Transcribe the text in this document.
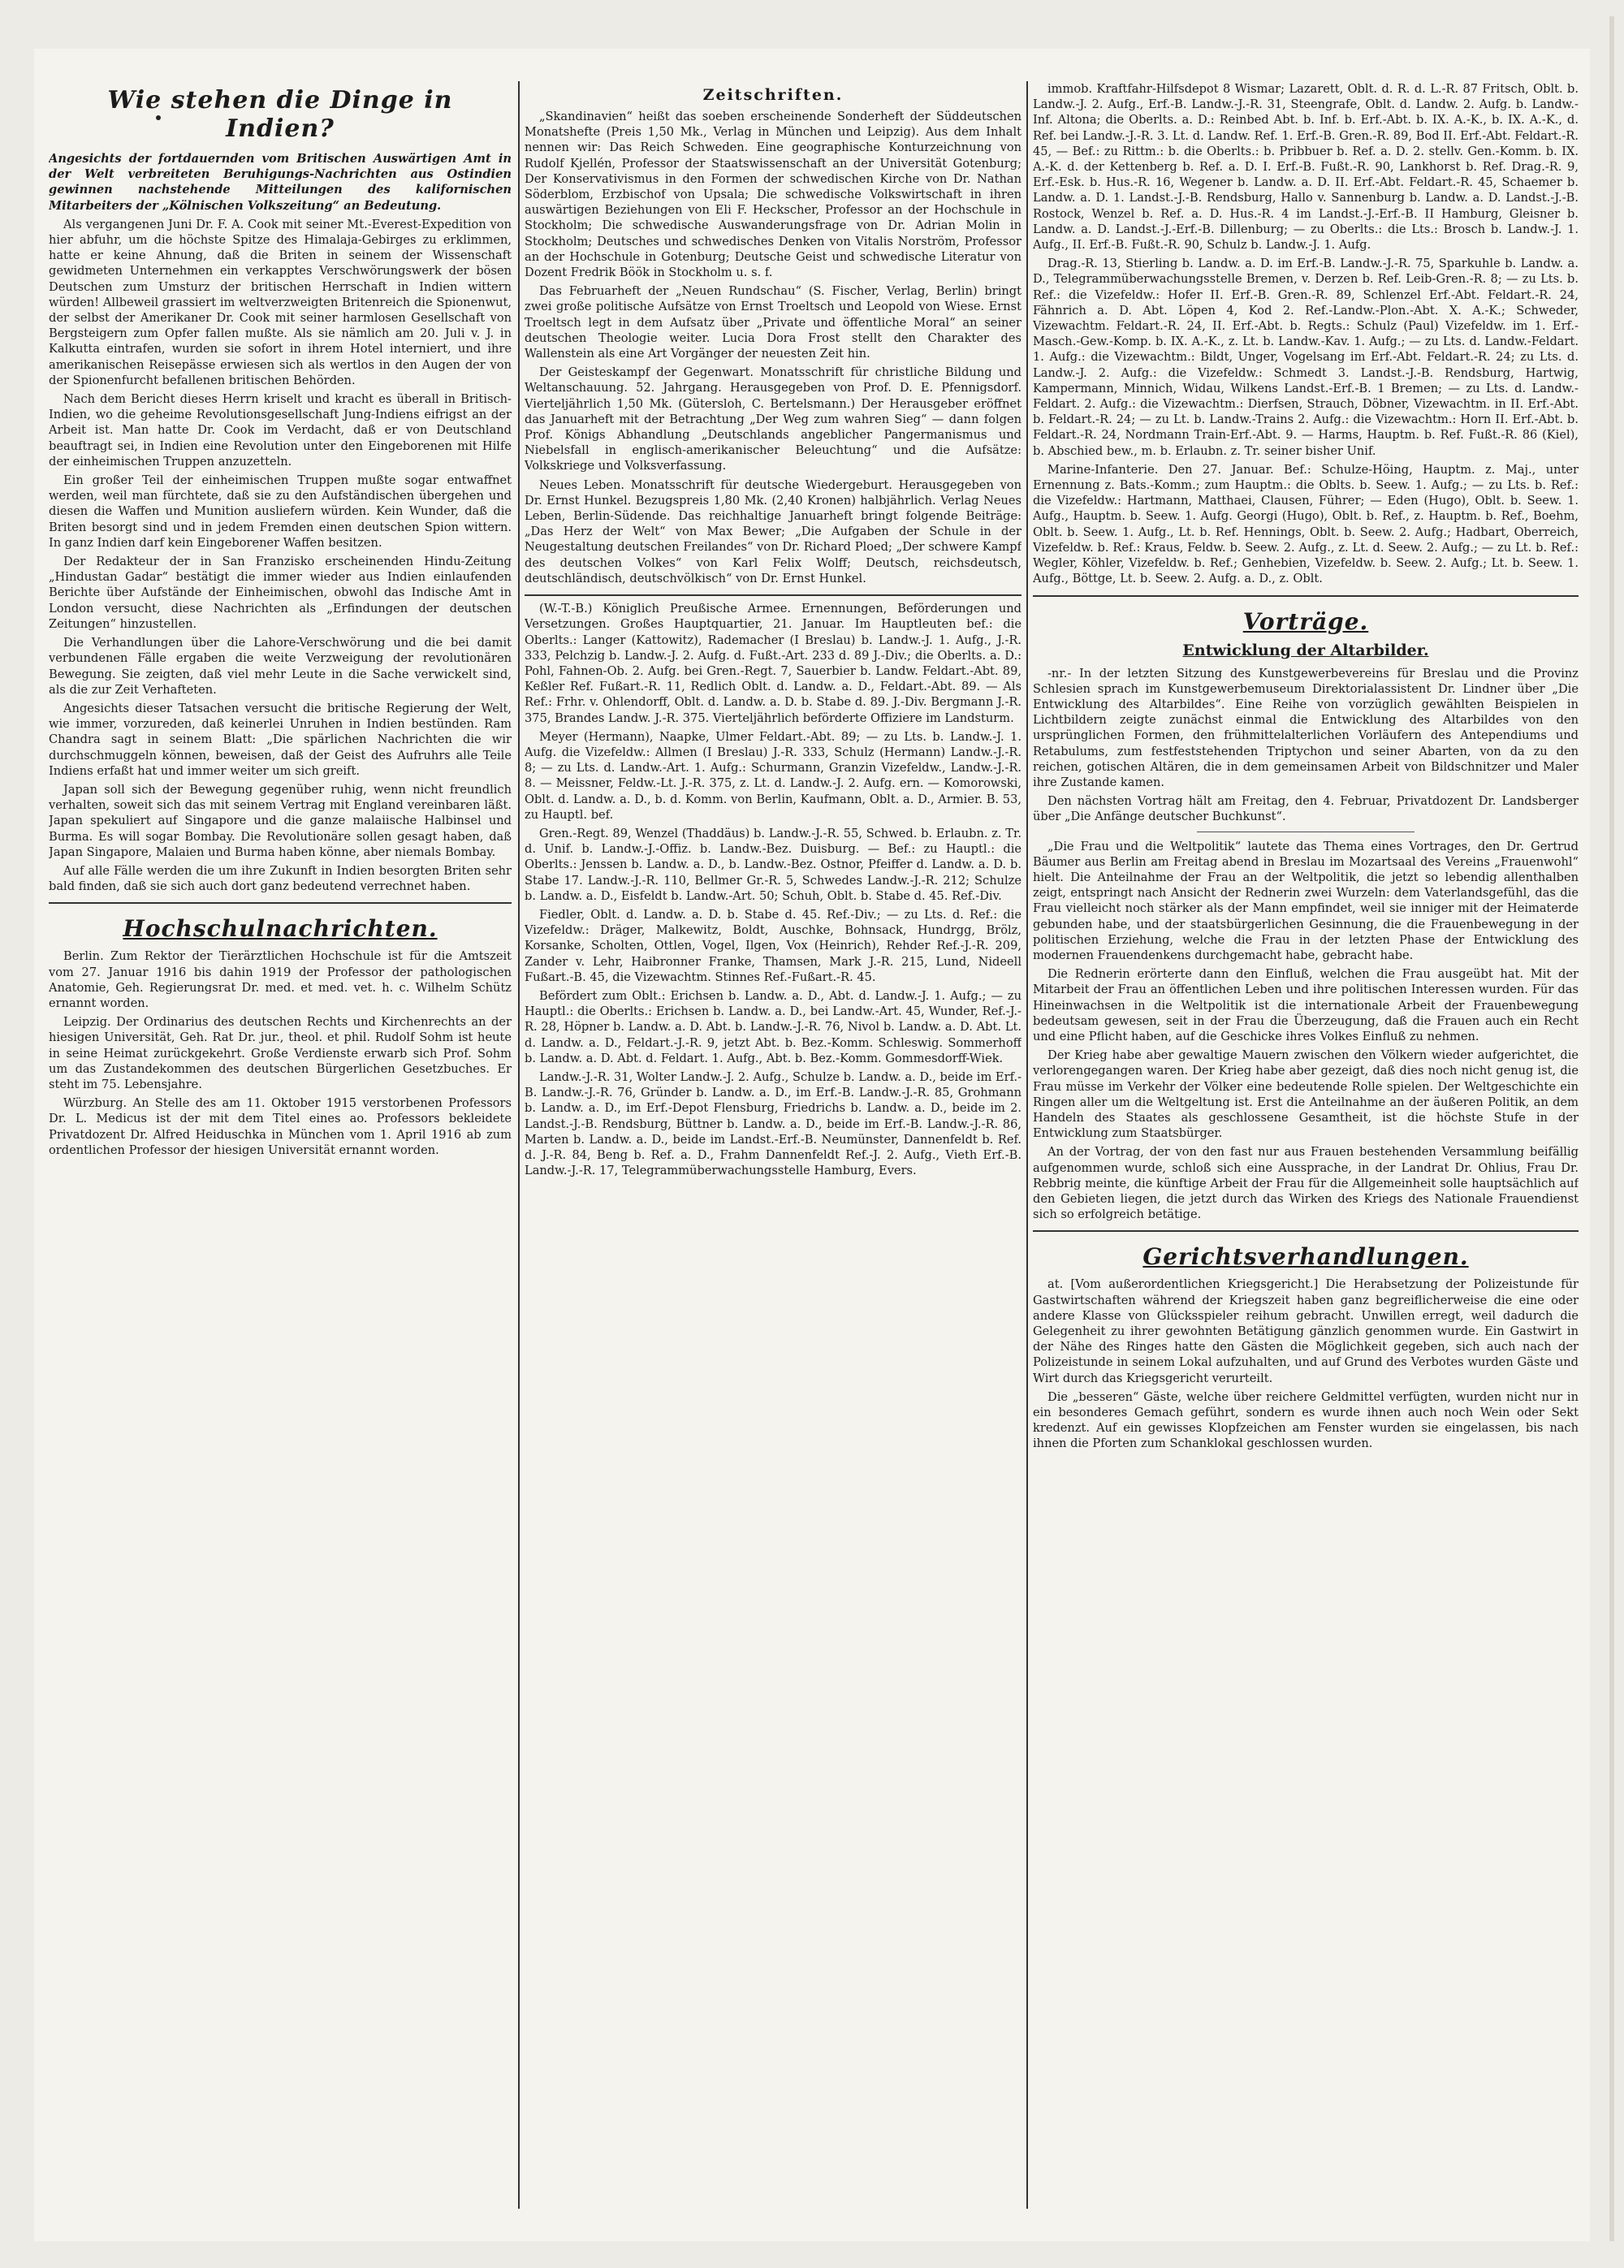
Wie stehen die Dinge in Indien?

Angesichts der fortdauernden vom Britischen Auswärtigen Amt in der Welt verbreiteten Beruhigungs-Nachrichten aus Ostindien gewinnen nachstehende Mitteilungen des kalifornischen Mitarbeiters der „Kölnischen Volkszeitung“ an Bedeutung.

Als vergangenen Juni Dr. F. A. Cook mit seiner Mt.-Everest-Expedition von hier abfuhr, um die höchste Spitze des Himalaja-Gebirges zu erklimmen, hatte er keine Ahnung, daß die Briten in seinem der Wissenschaft gewidmeten Unternehmen ein verkapptes Verschwörungswerk der bösen Deutschen zum Umsturz der britischen Herrschaft in Indien wittern würden! Allbeweil grassiert im weltverzweigten Britenreich die Spionenwut, der selbst der Amerikaner Dr. Cook mit seiner harmlosen Gesellschaft von Bergsteigern zum Opfer fallen mußte. Als sie nämlich am 20. Juli v. J. in Kalkutta eintrafen, wurden sie sofort in ihrem Hotel interniert, und ihre amerikanischen Reisepässe erwiesen sich als wertlos in den Augen der von der Spionenfurcht befallenen britischen Behörden.

Nach dem Bericht dieses Herrn kriselt und kracht es überall in Britisch-Indien, wo die geheime Revolutionsgesellschaft Jung-Indiens eifrigst an der Arbeit ist. Man hatte Dr. Cook im Verdacht, daß er von Deutschland beauftragt sei, in Indien eine Revolution unter den Eingeborenen mit Hilfe der einheimischen Truppen anzuzetteln.

Ein großer Teil der einheimischen Truppen mußte sogar entwaffnet werden, weil man fürchtete, daß sie zu den Aufständischen übergehen und diesen die Waffen und Munition ausliefern würden. Kein Wunder, daß die Briten besorgt sind und in jedem Fremden einen deutschen Spion wittern. In ganz Indien darf kein Eingeborener Waffen besitzen.

Der Redakteur der in San Franzisko erscheinenden Hindu-Zeitung „Hindustan Gadar“ bestätigt die immer wieder aus Indien einlaufenden Berichte über Aufstände der Einheimischen, obwohl das Indische Amt in London versucht, diese Nachrichten als „Erfindungen der deutschen Zeitungen“ hinzustellen.

Die Verhandlungen über die Lahore-Verschwörung und die bei damit verbundenen Fälle ergaben die weite Verzweigung der revolutionären Bewegung. Sie zeigten, daß viel mehr Leute in die Sache verwickelt sind, als die zur Zeit Verhafteten.

Angesichts dieser Tatsachen versucht die britische Regierung der Welt, wie immer, vorzureden, daß keinerlei Unruhen in Indien bestünden. Ram Chandra sagt in seinem Blatt: „Die spärlichen Nachrichten die wir durchschmuggeln können, beweisen, daß der Geist des Aufruhrs alle Teile Indiens erfaßt hat und immer weiter um sich greift.

Japan soll sich der Bewegung gegenüber ruhig, wenn nicht freundlich verhalten, soweit sich das mit seinem Vertrag mit England vereinbaren läßt. Japan spekuliert auf Singapore und die ganze malaiische Halbinsel und Burma. Es will sogar Bombay. Die Revolutionäre sollen gesagt haben, daß Japan Singapore, Malaien und Burma haben könne, aber niemals Bombay.

Auf alle Fälle werden die um ihre Zukunft in Indien besorgten Briten sehr bald finden, daß sie sich auch dort ganz bedeutend verrechnet haben.

Hochschulnachrichten.

Berlin. Zum Rektor der Tierärztlichen Hochschule ist für die Amtszeit vom 27. Januar 1916 bis dahin 1919 der Professor der pathologischen Anatomie, Geh. Regierungsrat Dr. med. et med. vet. h. c. Wilhelm Schütz ernannt worden.

Leipzig. Der Ordinarius des deutschen Rechts und Kirchenrechts an der hiesigen Universität, Geh. Rat Dr. jur., theol. et phil. Rudolf Sohm ist heute in seine Heimat zurückgekehrt. Große Verdienste erwarb sich Prof. Sohm um das Zustandekommen des deutschen Bürgerlichen Gesetzbuches. Er steht im 75. Lebensjahre.

Würzburg. An Stelle des am 11. Oktober 1915 verstorbenen Professors Dr. L. Medicus ist der mit dem Titel eines ao. Professors bekleidete Privatdozent Dr. Alfred Heiduschka in München vom 1. April 1916 ab zum ordentlichen Professor der hiesigen Universität ernannt worden.

Zeitschriften.

„Skandinavien“ heißt das soeben erscheinende Sonderheft der Süddeutschen Monatshefte (Preis 1,50 Mk., Verlag in München und Leipzig). Aus dem Inhalt nennen wir: Das Reich Schweden. Eine geographische Konturzeichnung von Rudolf Kjellén, Professor der Staatswissenschaft an der Universität Gotenburg; Der Konservativismus in den Formen der schwedischen Kirche von Dr. Nathan Söderblom, Erzbischof von Upsala; Die schwedische Volkswirtschaft in ihren auswärtigen Beziehungen von Eli F. Heckscher, Professor an der Hochschule in Stockholm; Die schwedische Auswanderungsfrage von Dr. Adrian Molin in Stockholm; Deutsches und schwedisches Denken von Vitalis Norström, Professor an der Hochschule in Gotenburg; Deutsche Geist und schwedische Literatur von Dozent Fredrik Böök in Stockholm u. s. f.

Das Februarheft der „Neuen Rundschau“ (S. Fischer, Verlag, Berlin) bringt zwei große politische Aufsätze von Ernst Troeltsch und Leopold von Wiese. Ernst Troeltsch legt in dem Aufsatz über „Private und öffentliche Moral“ an seiner deutschen Theologie weiter. Lucia Dora Frost stellt den Charakter des Wallenstein als eine Art Vorgänger der neuesten Zeit hin.

Der Geisteskampf der Gegenwart. Monatsschrift für christliche Bildung und Weltanschauung. 52. Jahrgang. Herausgegeben von Prof. D. E. Pfennigsdorf. Vierteljährlich 1,50 Mk. (Gütersloh, C. Bertelsmann.) Der Herausgeber eröffnet das Januarheft mit der Betrachtung „Der Weg zum wahren Sieg“ — dann folgen Prof. Königs Abhandlung „Deutschlands angeblicher Pangermanismus und Niebelsfall in englisch-amerikanischer Beleuchtung“ und die Aufsätze: Volkskriege und Volksverfassung.

Neues Leben. Monatsschrift für deutsche Wiedergeburt. Herausgegeben von Dr. Ernst Hunkel. Bezugspreis 1,80 Mk. (2,40 Kronen) halbjährlich. Verlag Neues Leben, Berlin-Südende. Das reichhaltige Januarheft bringt folgende Beiträge: „Das Herz der Welt“ von Max Bewer; „Die Aufgaben der Schule in der Neugestaltung deutschen Freilandes“ von Dr. Richard Ploed; „Der schwere Kampf des deutschen Volkes“ von Karl Felix Wolff; Deutsch, reichsdeutsch, deutschländisch, deutschvölkisch“ von Dr. Ernst Hunkel.

(W.-T.-B.) Königlich Preußische Armee. Ernennungen, Beförderungen und Versetzungen. Großes Hauptquartier, 21. Januar. Im Hauptleuten bef.: die Oberlts.: Langer (Kattowitz), Rademacher (I Breslau) b. Landw.-J. 1. Aufg., J.-R. 333, Pelchzig b. Landw.-J. 2. Aufg. d. Fußt.-Art. 233 d. 89 J.-Div.; die Oberlts. a. D.: Pohl, Fahnen-Ob. 2. Aufg. bei Gren.-Regt. 7, Sauerbier b. Landw. Feldart.-Abt. 89, Keßler Ref. Fußart.-R. 11, Redlich Oblt. d. Landw. a. D., Feldart.-Abt. 89. — Als Ref.: Frhr. v. Ohlendorff, Oblt. d. Landw. a. D. b. Stabe d. 89. J.-Div. Bergmann J.-R. 375, Brandes Landw. J.-R. 375. Vierteljährlich beförderte Offiziere im Landsturm.

Meyer (Hermann), Naapke, Ulmer Feldart.-Abt. 89; — zu Lts. b. Landw.-J. 1. Aufg. die Vizefeldw.: Allmen (I Breslau) J.-R. 333, Schulz (Hermann) Landw.-J.-R. 8; — zu Lts. d. Landw.-Art. 1. Aufg.: Schurmann, Granzin Vizefeldw., Landw.-J.-R. 8. — Meissner, Feldw.-Lt. J.-R. 375, z. Lt. d. Landw.-J. 2. Aufg. ern. — Komorowski, Oblt. d. Landw. a. D., b. d. Komm. von Berlin, Kaufmann, Oblt. a. D., Armier. B. 53, zu Hauptl. bef.

Gren.-Regt. 89, Wenzel (Thaddäus) b. Landw.-J.-R. 55, Schwed. b. Erlaubn. z. Tr. d. Unif. b. Landw.-J.-Offiz. b. Landw.-Bez. Duisburg. — Bef.: zu Hauptl.: die Oberlts.: Jenssen b. Landw. a. D., b. Landw.-Bez. Ostnor, Pfeiffer d. Landw. a. D. b. Stabe 17. Landw.-J.-R. 110, Bellmer Gr.-R. 5, Schwedes Landw.-J.-R. 212; Schulze b. Landw. a. D., Eisfeldt b. Landw.-Art. 50; Schuh, Oblt. b. Stabe d. 45. Ref.-Div.

Fiedler, Oblt. d. Landw. a. D. b. Stabe d. 45. Ref.-Div.; — zu Lts. d. Ref.: die Vizefeldw.: Dräger, Malkewitz, Boldt, Auschke, Bohnsack, Hundrgg, Brölz, Korsanke, Scholten, Ottlen, Vogel, Ilgen, Vox (Heinrich), Rehder Ref.-J.-R. 209, Zander v. Lehr, Haibronner Franke, Thamsen, Mark J.-R. 215, Lund, Nideell Fußart.-B. 45, die Vizewachtm. Stinnes Ref.-Fußart.-R. 45.

Befördert zum Oblt.: Erichsen b. Landw. a. D., Abt. d. Landw.-J. 1. Aufg.; — zu Hauptl.: die Oberlts.: Erichsen b. Landw. a. D., bei Landw.-Art. 45, Wunder, Ref.-J.-R. 28, Höpner b. Landw. a. D. Abt. b. Landw.-J.-R. 76, Nivol b. Landw. a. D. Abt. Lt. d. Landw. a. D., Feldart.-J.-R. 9, jetzt Abt. b. Bez.-Komm. Schleswig. Sommerhoff b. Landw. a. D. Abt. d. Feldart. 1. Aufg., Abt. b. Bez.-Komm. Gommesdorff-Wiek.

Landw.-J.-R. 31, Wolter Landw.-J. 2. Aufg., Schulze b. Landw. a. D., beide im Erf.-B. Landw.-J.-R. 76, Gründer b. Landw. a. D., im Erf.-B. Landw.-J.-R. 85, Grohmann b. Landw. a. D., im Erf.-Depot Flensburg, Friedrichs b. Landw. a. D., beide im 2. Landst.-J.-B. Rendsburg, Büttner b. Landw. a. D., beide im Erf.-B. Landw.-J.-R. 86, Marten b. Landw. a. D., beide im Landst.-Erf.-B. Neumünster, Dannenfeldt b. Ref. d. J.-R. 84, Beng b. Ref. a. D., Frahm Dannenfeldt Ref.-J. 2. Aufg., Vieth Erf.-B. Landw.-J.-R. 17, Telegrammüberwachungsstelle Hamburg, Evers.

immob. Kraftfahr-Hilfsdepot 8 Wismar; Lazarett, Oblt. d. R. d. L.-R. 87 Fritsch, Oblt. b. Landw.-J. 2. Aufg., Erf.-B. Landw.-J.-R. 31, Steengrafe, Oblt. d. Landw. 2. Aufg. b. Landw.-Inf. Altona; die Oberlts. a. D.: Reinbed Abt. b. Inf. b. Erf.-Abt. b. IX. A.-K., b. IX. A.-K., d. Ref. bei Landw.-J.-R. 3. Lt. d. Landw. Ref. 1. Erf.-B. Gren.-R. 89, Bod II. Erf.-Abt. Feldart.-R. 45, — Bef.: zu Rittm.: b. die Oberlts.: b. Pribbuer b. Ref. a. D. 2. stellv. Gen.-Komm. b. IX. A.-K. d. der Kettenberg b. Ref. a. D. I. Erf.-B. Fußt.-R. 90, Lankhorst b. Ref. Drag.-R. 9, Erf.-Esk. b. Hus.-R. 16, Wegener b. Landw. a. D. II. Erf.-Abt. Feldart.-R. 45, Schaemer b. Landw. a. D. 1. Landst.-J.-B. Rendsburg, Hallo v. Sannenburg b. Landw. a. D. Landst.-J.-B. Rostock, Wenzel b. Ref. a. D. Hus.-R. 4 im Landst.-J.-Erf.-B. II Hamburg, Gleisner b. Landw. a. D. Landst.-J.-Erf.-B. Dillenburg; — zu Oberlts.: die Lts.: Brosch b. Landw.-J. 1. Aufg., II. Erf.-B. Fußt.-R. 90, Schulz b. Landw.-J. 1. Aufg.

Drag.-R. 13, Stierling b. Landw. a. D. im Erf.-B. Landw.-J.-R. 75, Sparkuhle b. Landw. a. D., Telegrammüberwachungsstelle Bremen, v. Derzen b. Ref. Leib-Gren.-R. 8; — zu Lts. b. Ref.: die Vizefeldw.: Hofer II. Erf.-B. Gren.-R. 89, Schlenzel Erf.-Abt. Feldart.-R. 24, Fähnrich a. D. Abt. Löpen 4, Kod 2. Ref.-Landw.-Plon.-Abt. X. A.-K.; Schweder, Vizewachtm. Feldart.-R. 24, II. Erf.-Abt. b. Regts.: Schulz (Paul) Vizefeldw. im 1. Erf.-Masch.-Gew.-Komp. b. IX. A.-K., z. Lt. b. Landw.-Kav. 1. Aufg.; — zu Lts. d. Landw.-Feldart. 1. Aufg.: die Vizewachtm.: Bildt, Unger, Vogelsang im Erf.-Abt. Feldart.-R. 24; zu Lts. d. Landw.-J. 2. Aufg.: die Vizefeldw.: Schmedt 3. Landst.-J.-B. Rendsburg, Hartwig, Kampermann, Minnich, Widau, Wilkens Landst.-Erf.-B. 1 Bremen; — zu Lts. d. Landw.-Feldart. 2. Aufg.: die Vizewachtm.: Dierfsen, Strauch, Döbner, Vizewachtm. in II. Erf.-Abt. b. Feldart.-R. 24; — zu Lt. b. Landw.-Trains 2. Aufg.: die Vizewachtm.: Horn II. Erf.-Abt. b. Feldart.-R. 24, Nordmann Train-Erf.-Abt. 9. — Harms, Hauptm. b. Ref. Fußt.-R. 86 (Kiel), b. Abschied bew., m. b. Erlaubn. z. Tr. seiner bisher Unif.

Marine-Infanterie. Den 27. Januar. Bef.: Schulze-Höing, Hauptm. z. Maj., unter Ernennung z. Bats.-Komm.; zum Hauptm.: die Oblts. b. Seew. 1. Aufg.; — zu Lts. b. Ref.: die Vizefeldw.: Hartmann, Matthaei, Clausen, Führer; — Eden (Hugo), Oblt. b. Seew. 1. Aufg., Hauptm. b. Seew. 1. Aufg. Georgi (Hugo), Oblt. b. Ref., z. Hauptm. b. Ref., Boehm, Oblt. b. Seew. 1. Aufg., Lt. b. Ref. Hennings, Oblt. b. Seew. 2. Aufg.; Hadbart, Oberreich, Vizefeldw. b. Ref.: Kraus, Feldw. b. Seew. 2. Aufg., z. Lt. d. Seew. 2. Aufg.; — zu Lt. b. Ref.: Wegler, Köhler, Vizefeldw. b. Ref.; Genhebien, Vizefeldw. b. Seew. 2. Aufg.; Lt. b. Seew. 1. Aufg., Böttge, Lt. b. Seew. 2. Aufg. a. D., z. Oblt.

Vorträge.
Entwicklung der Altarbilder.

-nr.- In der letzten Sitzung des Kunstgewerbevereins für Breslau und die Provinz Schlesien sprach im Kunstgewerbemuseum Direktorialassistent Dr. Lindner über „Die Entwicklung des Altarbildes“. Eine Reihe von vorzüglich gewählten Beispielen in Lichtbildern zeigte zunächst einmal die Entwicklung des Altarbildes von den ursprünglichen Formen, den frühmittelalterlichen Vorläufern des Antependiums und Retabulums, zum festfeststehenden Triptychon und seiner Abarten, von da zu den reichen, gotischen Altären, die in dem gemeinsamen Arbeit von Bildschnitzer und Maler ihre Zustande kamen.

Den nächsten Vortrag hält am Freitag, den 4. Februar, Privatdozent Dr. Landsberger über „Die Anfänge deutscher Buchkunst“.

„Die Frau und die Weltpolitik“ lautete das Thema eines Vortrages, den Dr. Gertrud Bäumer aus Berlin am Freitag abend in Breslau im Mozartsaal des Vereins „Frauenwohl“ hielt. Die Anteilnahme der Frau an der Weltpolitik, die jetzt so lebendig allenthalben zeigt, entspringt nach Ansicht der Rednerin zwei Wurzeln: dem Vaterlandsgefühl, das die Frau vielleicht noch stärker als der Mann empfindet, weil sie inniger mit der Heimaterde gebunden habe, und der staatsbürgerlichen Gesinnung, die die Frauenbewegung in der politischen Erziehung, welche die Frau in der letzten Phase der Entwicklung des modernen Frauendenkens durchgemacht habe, gebracht habe.

Die Rednerin erörterte dann den Einfluß, welchen die Frau ausgeübt hat. Mit der Mitarbeit der Frau an öffentlichen Leben und ihre politischen Interessen wurden. Für das Hineinwachsen in die Weltpolitik ist die internationale Arbeit der Frauenbewegung bedeutsam gewesen, seit in der Frau die Überzeugung, daß die Frauen auch ein Recht und eine Pflicht haben, auf die Geschicke ihres Volkes Einfluß zu nehmen.

Der Krieg habe aber gewaltige Mauern zwischen den Völkern wieder aufgerichtet, die verlorengegangen waren. Der Krieg habe aber gezeigt, daß dies noch nicht genug ist, die Frau müsse im Verkehr der Völker eine bedeutende Rolle spielen. Der Weltgeschichte ein Ringen aller um die Weltgeltung ist. Erst die Anteilnahme an der äußeren Politik, an dem Handeln des Staates als geschlossene Gesamtheit, ist die höchste Stufe in der Entwicklung zum Staatsbürger.

An der Vortrag, der von den fast nur aus Frauen bestehenden Versammlung beifällig aufgenommen wurde, schloß sich eine Aussprache, in der Landrat Dr. Ohlius, Frau Dr. Rebbrig meinte, die künftige Arbeit der Frau für die Allgemeinheit solle hauptsächlich auf den Gebieten liegen, die jetzt durch das Wirken des Kriegs des Nationale Frauendienst sich so erfolgreich betätige.

Gerichtsverhandlungen.

at. [Vom außerordentlichen Kriegsgericht.] Die Herabsetzung der Polizeistunde für Gastwirtschaften während der Kriegszeit haben ganz begreiflicherweise die eine oder andere Klasse von Glücksspieler reihum gebracht. Unwillen erregt, weil dadurch die Gelegenheit zu ihrer gewohnten Betätigung gänzlich genommen wurde. Ein Gastwirt in der Nähe des Ringes hatte den Gästen die Möglichkeit gegeben, sich auch nach der Polizeistunde in seinem Lokal aufzuhalten, und auf Grund des Verbotes wurden Gäste und Wirt durch das Kriegsgericht verurteilt.

Die „besseren“ Gäste, welche über reichere Geldmittel verfügten, wurden nicht nur in ein besonderes Gemach geführt, sondern es wurde ihnen auch noch Wein oder Sekt kredenzt. Auf ein gewisses Klopfzeichen am Fenster wurden sie eingelassen, bis nach ihnen die Pforten zum Schanklokal geschlossen wurden.
